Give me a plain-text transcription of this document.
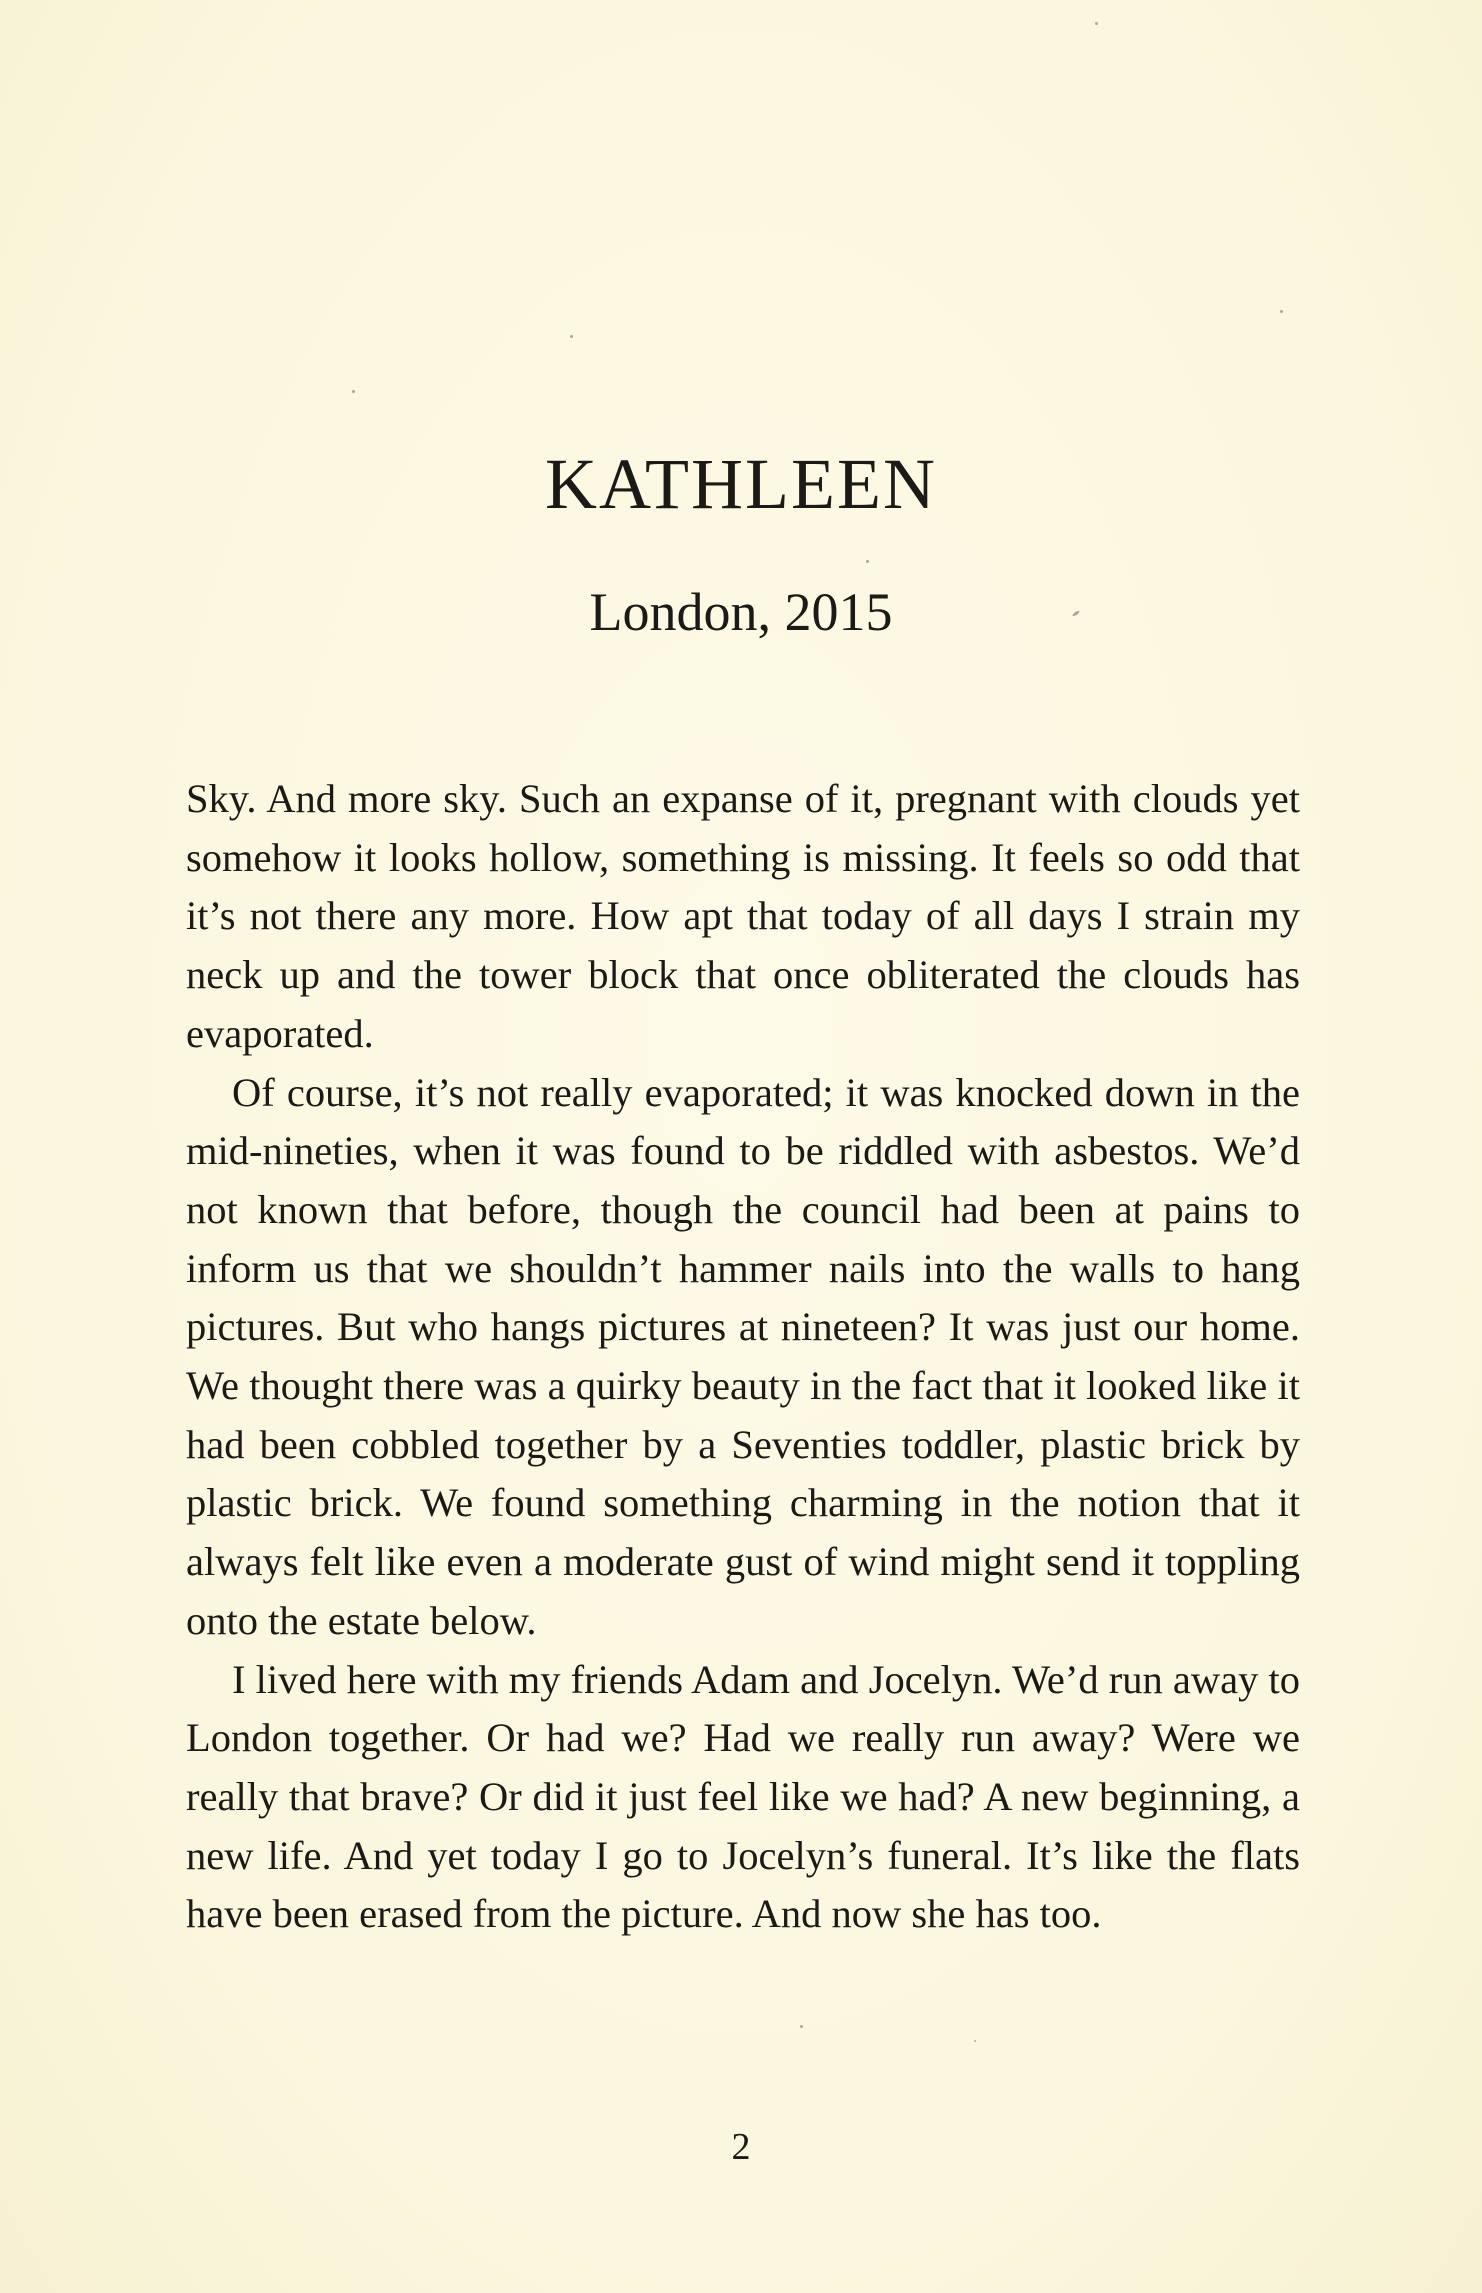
KATHLEEN
London, 2015

Sky. And more sky. Such an expanse of it, pregnant with clouds yet somehow it looks hollow, something is missing. It feels so odd that it’s not there any more. How apt that today of all days I strain my neck up and the tower block that once obliterated the clouds has evaporated.

Of course, it’s not really evaporated; it was knocked down in the mid-nineties, when it was found to be riddled with asbestos. We’d not known that before, though the council had been at pains to inform us that we shouldn’t hammer nails into the walls to hang pictures. But who hangs pictures at nineteen? It was just our home. We thought there was a quirky beauty in the fact that it looked like it had been cobbled together by a Seventies toddler, plastic brick by plastic brick. We found something charming in the notion that it always felt like even a moderate gust of wind might send it toppling onto the estate below.

I lived here with my friends Adam and Jocelyn. We’d run away to London together. Or had we? Had we really run away? Were we really that brave? Or did it just feel like we had? A new beginning, a new life. And yet today I go to Jocelyn’s funeral. It’s like the flats have been erased from the picture. And now she has too.

2
